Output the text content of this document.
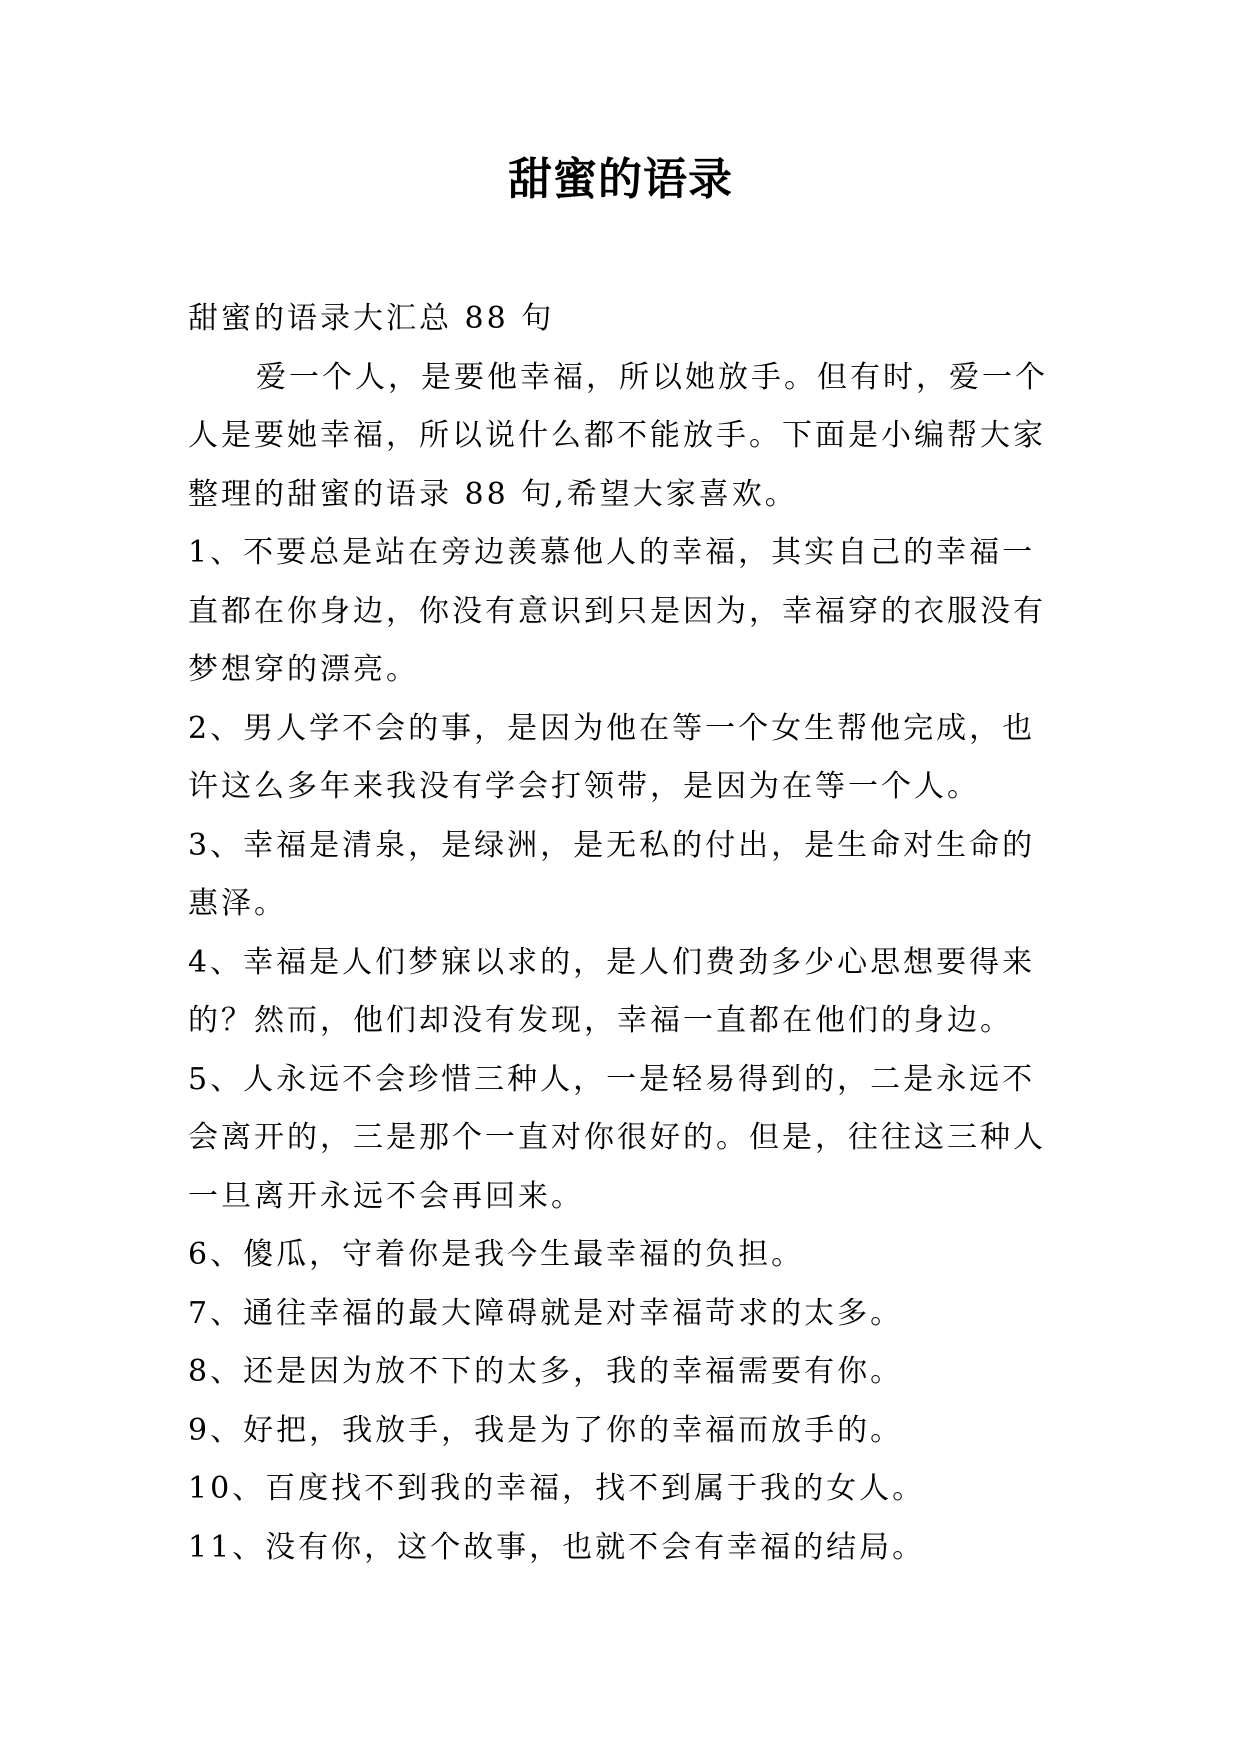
甜蜜的语录

甜蜜的语录大汇总 88 句

爱一个人，是要他幸福，所以她放手。但有时，爱一个人是要她幸福，所以说什么都不能放手。下面是小编帮大家整理的甜蜜的语录 88 句,希望大家喜欢。

1、不要总是站在旁边羡慕他人的幸福，其实自己的幸福一直都在你身边，你没有意识到只是因为，幸福穿的衣服没有梦想穿的漂亮。

2、男人学不会的事，是因为他在等一个女生帮他完成，也许这么多年来我没有学会打领带，是因为在等一个人。

3、幸福是清泉，是绿洲，是无私的付出，是生命对生命的惠泽。

4、幸福是人们梦寐以求的，是人们费劲多少心思想要得来的？然而，他们却没有发现，幸福一直都在他们的身边。

5、人永远不会珍惜三种人，一是轻易得到的，二是永远不会离开的，三是那个一直对你很好的。但是，往往这三种人一旦离开永远不会再回来。

6、傻瓜，守着你是我今生最幸福的负担。

7、通往幸福的最大障碍就是对幸福苛求的太多。

8、还是因为放不下的太多，我的幸福需要有你。

9、好把，我放手，我是为了你的幸福而放手的。

10、百度找不到我的幸福，找不到属于我的女人。

11、没有你，这个故事，也就不会有幸福的结局。
